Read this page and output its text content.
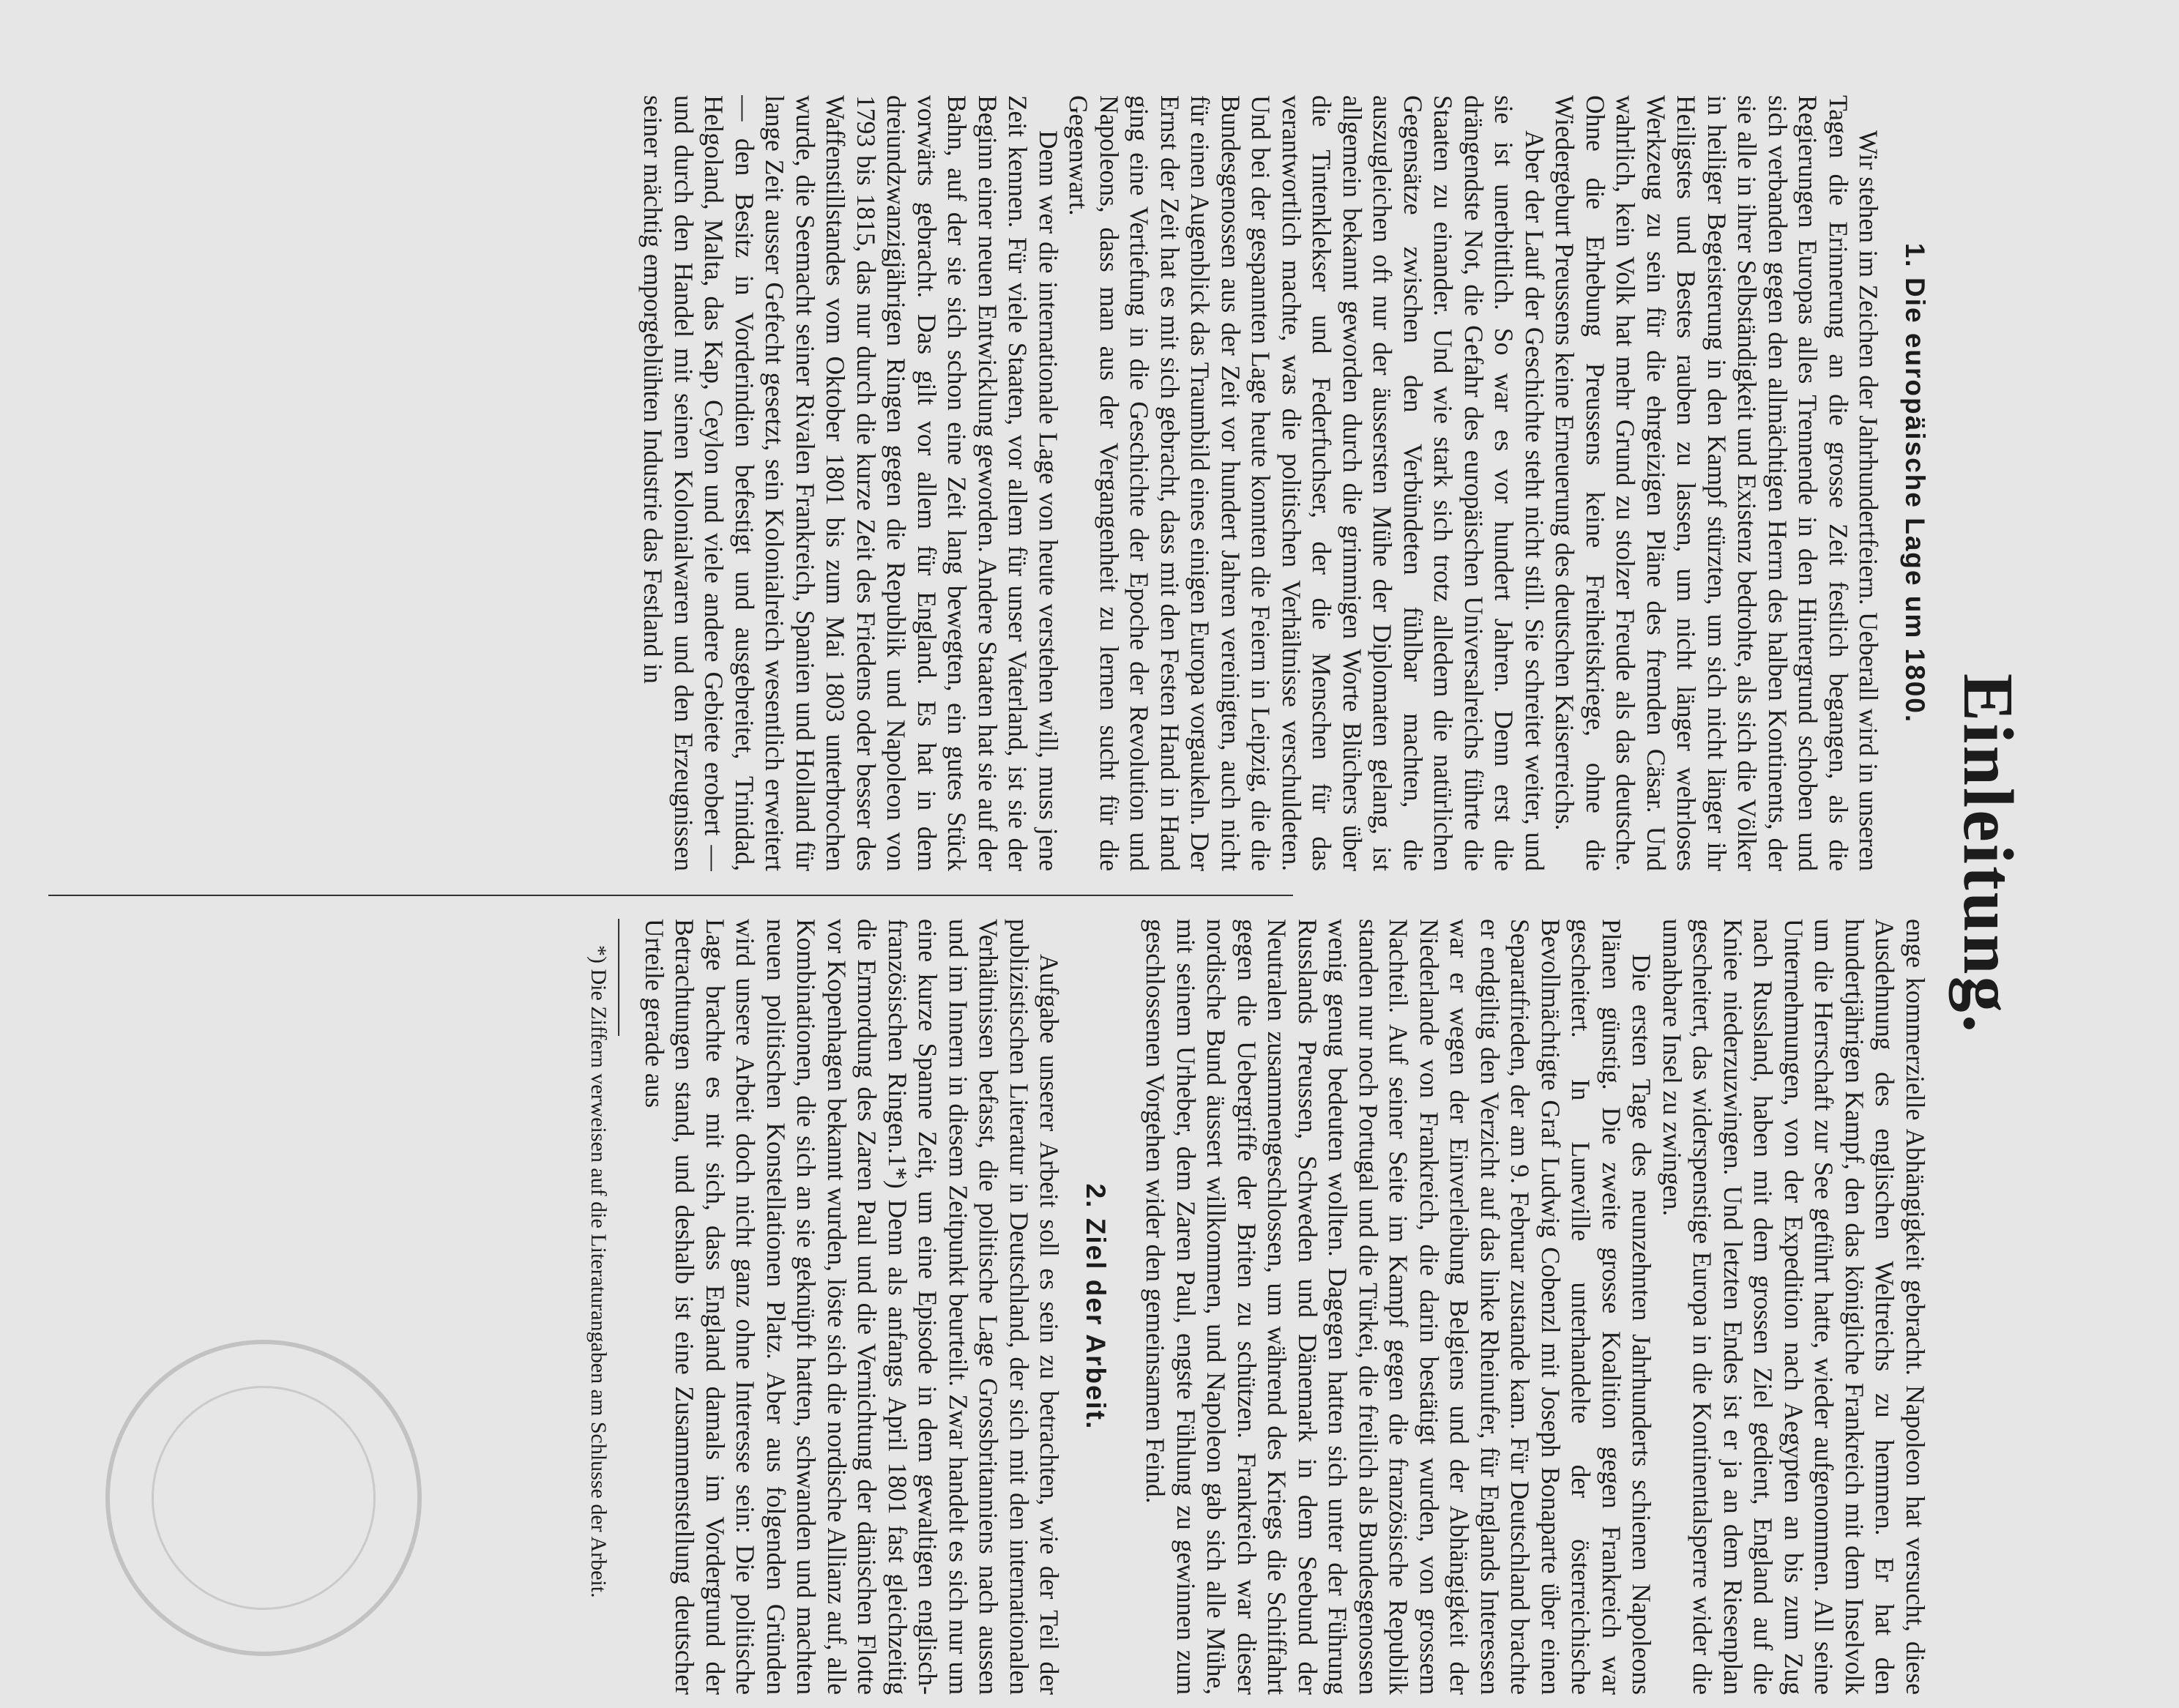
Einleitung.
1. Die europäische Lage um 1800.

Wir stehen im Zeichen der Jahrhundertfeiern. Ueberall wird in unseren Tagen die Erinnerung an die grosse Zeit festlich begangen, als die Regierungen Europas alles Trennende in den Hintergrund schoben und sich verbanden gegen den allmächtigen Herrn des halben Kontinents, der sie alle in ihrer Selbständigkeit und Existenz bedrohte, als sich die Völker in heiliger Begeisterung in den Kampf stürzten, um sich nicht länger ihr Heiligstes und Bestes rauben zu lassen, um nicht länger wehrloses Werkzeug zu sein für die ehrgeizigen Pläne des fremden Cäsar. Und wahrlich, kein Volk hat mehr Grund zu stolzer Freude als das deutsche. Ohne die Erhebung Preussens keine Freiheitskriege, ohne die Wiedergeburt Preussens keine Erneuerung des deutschen Kaiserreichs.

Aber der Lauf der Geschichte steht nicht still. Sie schreitet weiter, und sie ist unerbittlich. So war es vor hundert Jahren. Denn erst die drängendste Not, die Gefahr des europäischen Universalreichs führte die Staaten zu einander. Und wie stark sich trotz alledem die natürlichen Gegensätze zwischen den Verbündeten fühlbar machten, die auszugleichen oft nur der äussersten Mühe der Diplomaten gelang, ist allgemein bekannt geworden durch die grimmigen Worte Blüchers über die Tintenklekser und Federfuchser, der die Menschen für das verantwortlich machte, was die politischen Verhältnisse verschuldeten. Und bei der gespannten Lage heute konnten die Feiern in Leipzig, die die Bundesgenossen aus der Zeit vor hundert Jahren vereinigten, auch nicht für einen Augenblick das Traumbild eines einigen Europa vorgaukeln. Der Ernst der Zeit hat es mit sich gebracht, dass mit den Festen Hand in Hand ging eine Vertiefung in die Geschichte der Epoche der Revolution und Napoleons, dass man aus der Vergangenheit zu lernen sucht für die Gegenwart.

Denn wer die internationale Lage von heute verstehen will, muss jene Zeit kennen. Für viele Staaten, vor allem für unser Vaterland, ist sie der Beginn einer neuen Entwicklung geworden. Andere Staaten hat sie auf der Bahn, auf der sie sich schon eine Zeit lang bewegten, ein gutes Stück vorwärts gebracht. Das gilt vor allem für England. Es hat in dem dreiundzwanzigjährigen Ringen gegen die Republik und Napoleon von 1793 bis 1815, das nur durch die kurze Zeit des Friedens oder besser des Waffenstillstandes vom Oktober 1801 bis zum Mai 1803 unterbrochen wurde, die Seemacht seiner Rivalen Frankreich, Spanien und Holland für lange Zeit ausser Gefecht gesetzt, sein Kolonialreich wesentlich erweitert — den Besitz in Vorderindien befestigt und ausgebreitet, Trinidad, Helgoland, Malta, das Kap, Ceylon und viele andere Gebiete erobert — und durch den Handel mit seinen Kolonialwaren und den Erzeugnissen seiner mächtig emporgeblühten Industrie das Festland in

enge kommerzielle Abhängigkeit gebracht. Napoleon hat versucht, diese Ausdehnung des englischen Weltreichs zu hemmen. Er hat den hundertjährigen Kampf, den das königliche Frankreich mit dem Inselvolk um die Herrschaft zur See geführt hatte, wieder aufgenommen. All seine Unternehmungen, von der Expedition nach Aegypten an bis zum Zug nach Russland, haben mit dem grossen Ziel gedient, England auf die Kniee niederzuzwingen. Und letzten Endes ist er ja an dem Riesenplan gescheitert, das widerspenstige Europa in die Kontinentalsperre wider die unnahbare Insel zu zwingen.

Die ersten Tage des neunzehnten Jahrhunderts schienen Napoleons Plänen günstig. Die zweite grosse Koalition gegen Frankreich war gescheitert. In Luneville unterhandelte der österreichische Bevollmächtigte Graf Ludwig Cobenzl mit Joseph Bonaparte über einen Separatfrieden, der am 9. Februar zustande kam. Für Deutschland brachte er endgiltig den Verzicht auf das linke Rheinufer, für Englands Interessen war er wegen der Einverleibung Belgiens und der Abhängigkeit der Niederlande von Frankreich, die darin bestätigt wurden, von grossem Nachteil. Auf seiner Seite im Kampf gegen die französische Republik standen nur noch Portugal und die Türkei, die freilich als Bundesgenossen wenig genug bedeuten wollten. Dagegen hatten sich unter der Führung Russlands Preussen, Schweden und Dänemark in dem Seebund der Neutralen zusammengeschlossen, um während des Kriegs die Schiffahrt gegen die Uebergriffe der Briten zu schützen. Frankreich war dieser nordische Bund äussert willkommen, und Napoleon gab sich alle Mühe, mit seinem Urheber, dem Zaren Paul, engste Fühlung zu gewinnen zum geschlossenen Vorgehen wider den gemeinsamen Feind.

2. Ziel der Arbeit.

Aufgabe unserer Arbeit soll es sein zu betrachten, wie der Teil der publizistischen Literatur in Deutschland, der sich mit den internationalen Verhältnissen befasst, die politische Lage Grossbritanniens nach aussen und im Innern in diesem Zeitpunkt beurteilt. Zwar handelt es sich nur um eine kurze Spanne Zeit, um eine Episode in dem gewaltigen englisch-französischen Ringen.1*) Denn als anfangs April 1801 fast gleichzeitig die Ermordung des Zaren Paul und die Vernichtung der dänischen Flotte vor Kopenhagen bekannt wurden, löste sich die nordische Allianz auf, alle Kombinationen, die sich an sie geknüpft hatten, schwanden und machten neuen politischen Konstellationen Platz. Aber aus folgenden Gründen wird unsere Arbeit doch nicht ganz ohne Interesse sein: Die politische Lage brachte es mit sich, dass England damals im Vordergrund der Betrachtungen stand, und deshalb ist eine Zusammenstellung deutscher Urteile gerade aus

*) Die Ziffern verweisen auf die Literaturangaben am Schlusse der Arbeit.
